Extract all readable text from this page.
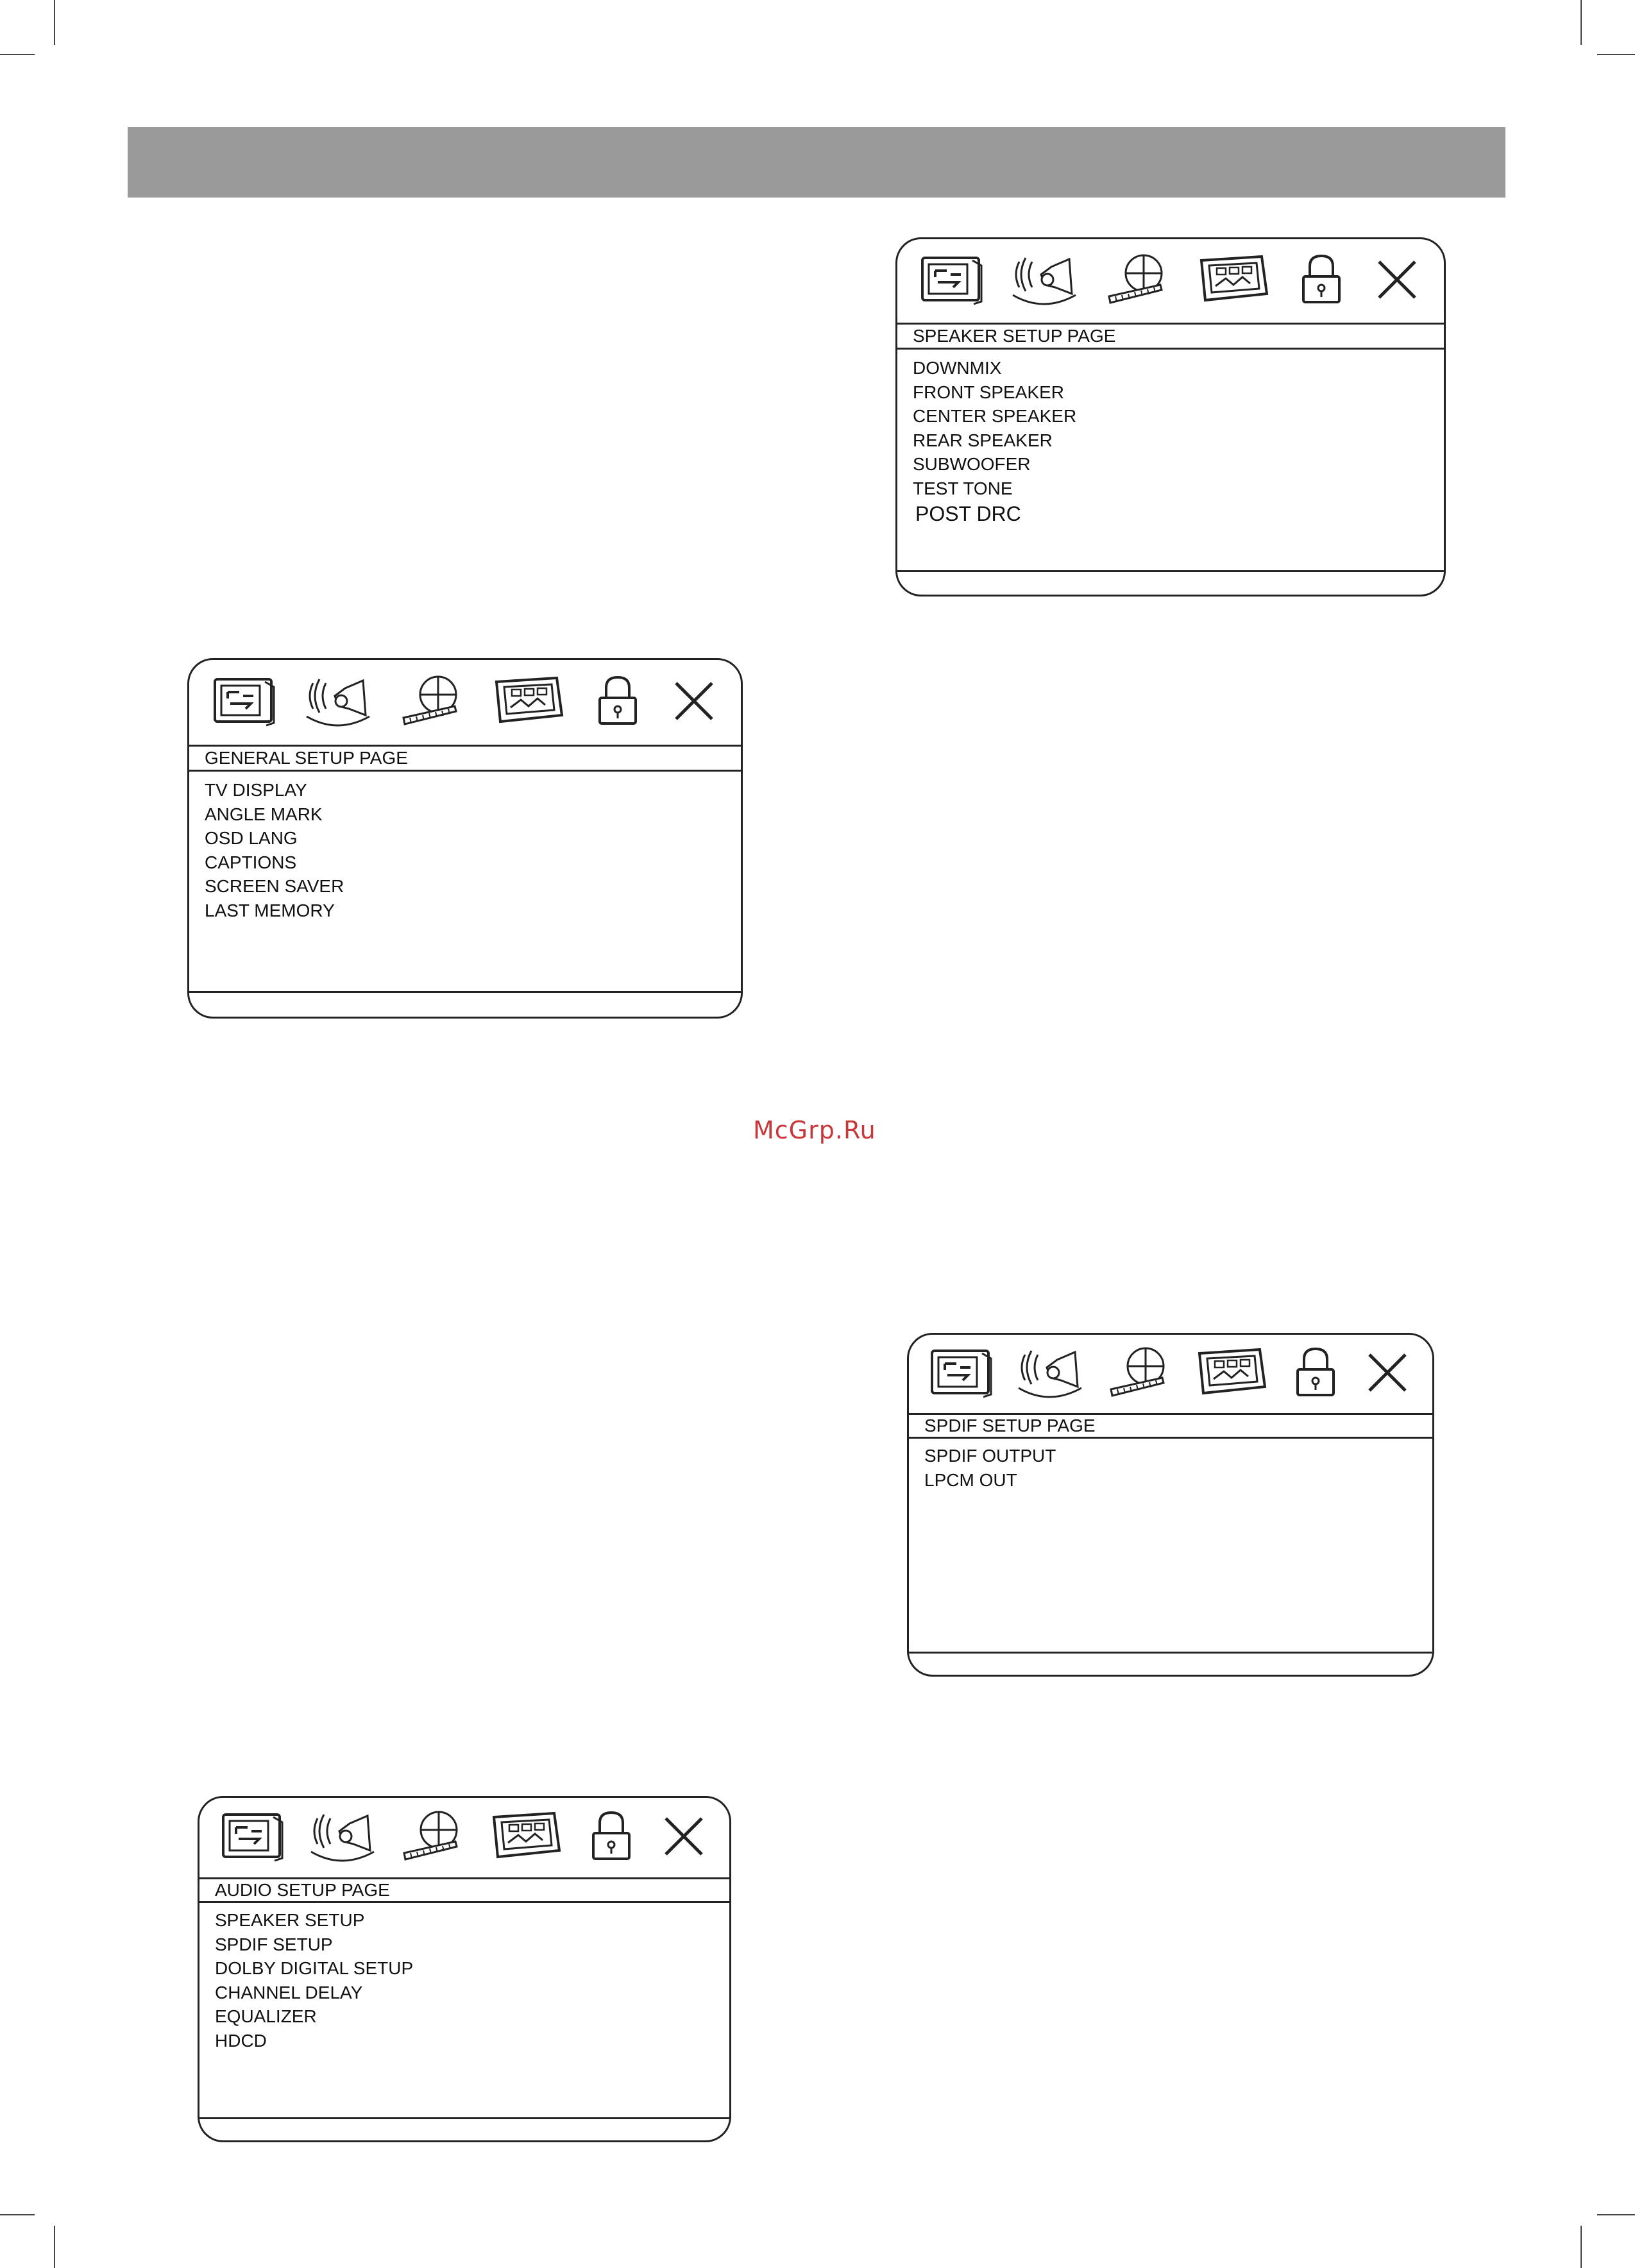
McGrp.Ru
SPEAKER SETUP PAGE
DOWNMIX
FRONT SPEAKER
CENTER SPEAKER
REAR SPEAKER
SUBWOOFER
TEST TONE
POST DRC
GENERAL SETUP PAGE
TV DISPLAY
ANGLE MARK
OSD LANG
CAPTIONS
SCREEN SAVER
LAST MEMORY
SPDIF SETUP PAGE
SPDIF OUTPUT
LPCM OUT
AUDIO SETUP PAGE
SPEAKER SETUP
SPDIF SETUP
DOLBY DIGITAL SETUP
CHANNEL DELAY
EQUALIZER
HDCD
